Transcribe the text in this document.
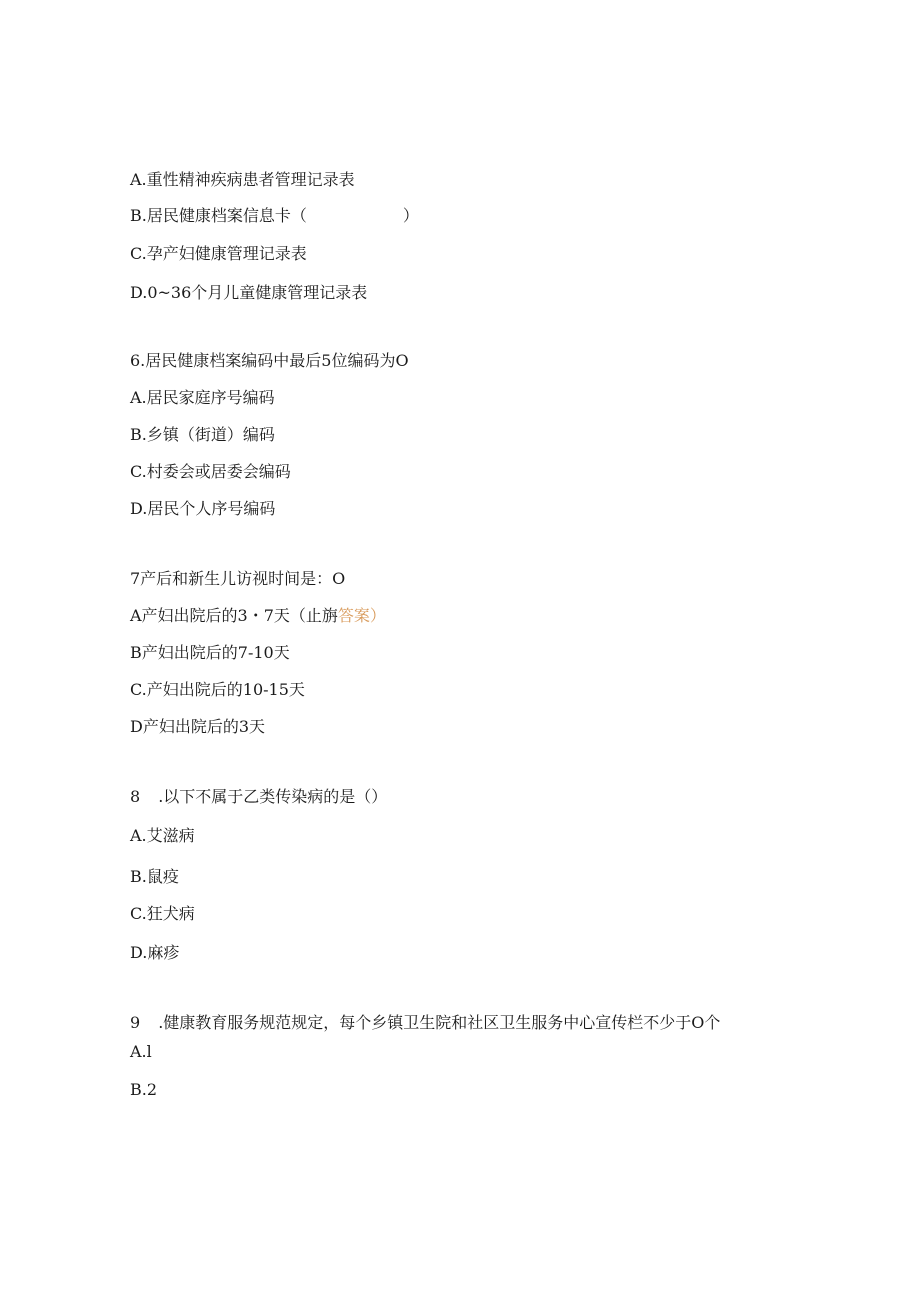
A.重性精神疾病患者管理记录表
B.居民健康档案信息卡（	）
C.孕产妇健康管理记录表
D.0~36个月儿童健康管理记录表
6.居民健康档案编码中最后5位编码为O
A.居民家庭序号编码
B.乡镇（街道）编码
C.村委会或居委会编码
D.居民个人序号编码
7产后和新生儿访视时间是：O
A产妇出院后的3・7天（止旃答案）
B产妇出院后的7-10天
C.产妇出院后的10-15天
D产妇出院后的3天
8 .以下不属于乙类传染病的是（）
A.艾滋病
B.鼠疫
C.狂犬病
D.麻疹
9 .健康教育服务规范规定，每个乡镇卫生院和社区卫生服务中心宣传栏不少于O个
A.l
B.2
